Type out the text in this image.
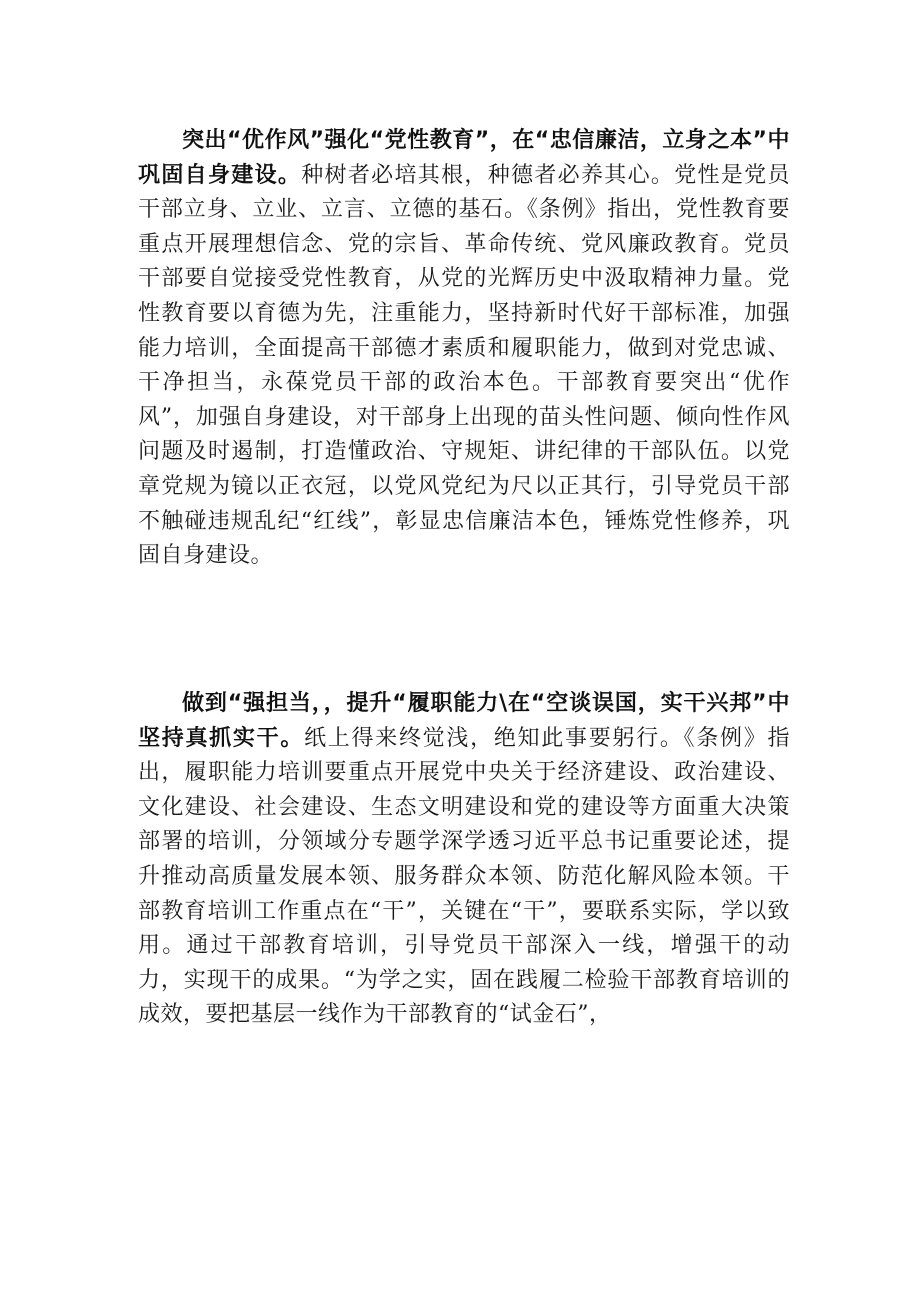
突出“优作风”强化“党性教育”，在“忠信廉洁，立身之本”中巩固自身建设。种树者必培其根，种德者必养其心。党性是党员干部立身、立业、立言、立德的基石。《条例》指出，党性教育要重点开展理想信念、党的宗旨、革命传统、党风廉政教育。党员干部要自觉接受党性教育，从党的光辉历史中汲取精神力量。党性教育要以育德为先，注重能力，坚持新时代好干部标准，加强能力培训，全面提高干部德才素质和履职能力，做到对党忠诚、干净担当，永葆党员干部的政治本色。干部教育要突出“优作风”，加强自身建设，对干部身上出现的苗头性问题、倾向性作风问题及时遏制，打造懂政治、守规矩、讲纪律的干部队伍。以党章党规为镜以正衣冠，以党风党纪为尺以正其行，引导党员干部不触碰违规乱纪“红线”，彰显忠信廉洁本色，锤炼党性修养，巩固自身建设。

做到“强担当，，提升“履职能力\在“空谈误国，实干兴邦”中坚持真抓实干。纸上得来终觉浅，绝知此事要躬行。《条例》指出，履职能力培训要重点开展党中央关于经济建设、政治建设、文化建设、社会建设、生态文明建设和党的建设等方面重大决策部署的培训，分领域分专题学深学透习近平总书记重要论述，提升推动高质量发展本领、服务群众本领、防范化解风险本领。干部教育培训工作重点在“干”，关键在“干”，要联系实际，学以致用。通过干部教育培训，引导党员干部深入一线，增强干的动力，实现干的成果。“为学之实，固在践履二检验干部教育培训的成效，要把基层一线作为干部教育的“试金石”，
